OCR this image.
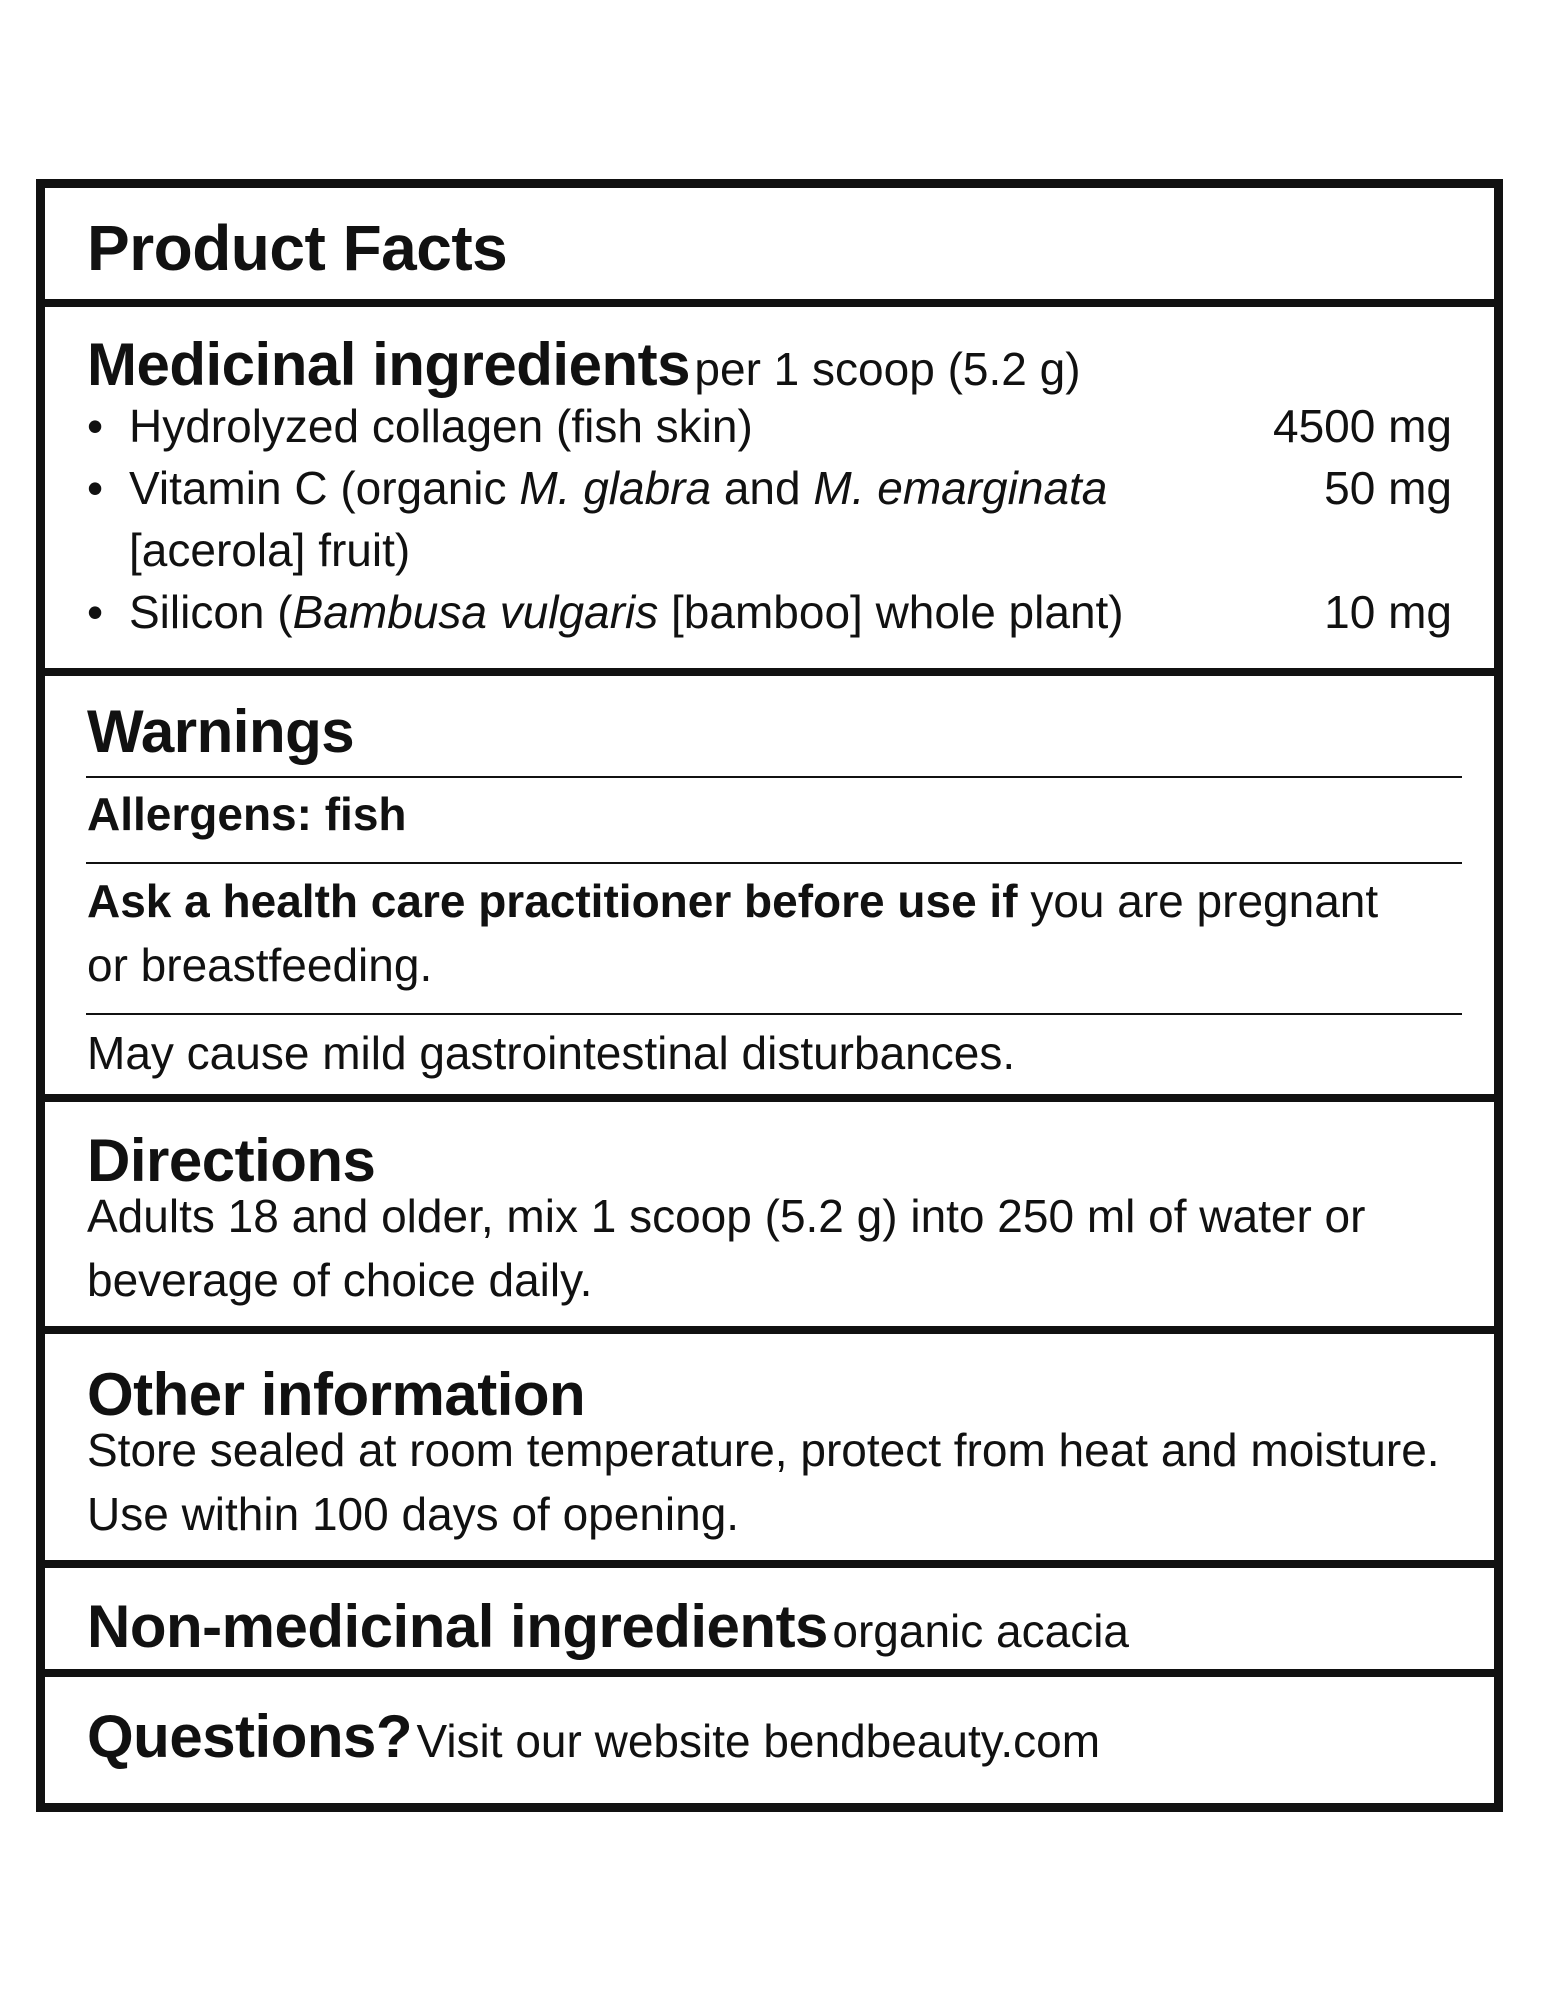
Product Facts
Medicinal ingredients per 1 scoop (5.2 g)
• Hydrolyzed collagen (fish skin)	4500 mg
• Vitamin C (organic M. glabra and M. emarginata	50 mg
[acerola] fruit)
• Silicon (Bambusa vulgaris [bamboo] whole plant)	10 mg
Warnings
Allergens: fish
Ask a health care practitioner before use if you are pregnant
or breastfeeding.
May cause mild gastrointestinal disturbances.
Directions
Adults 18 and older, mix 1 scoop (5.2 g) into 250 ml of water or
beverage of choice daily.
Other information
Store sealed at room temperature, protect from heat and moisture.
Use within 100 days of opening.
Non-medicinal ingredients organic acacia
Questions? Visit our website bendbeauty.com
